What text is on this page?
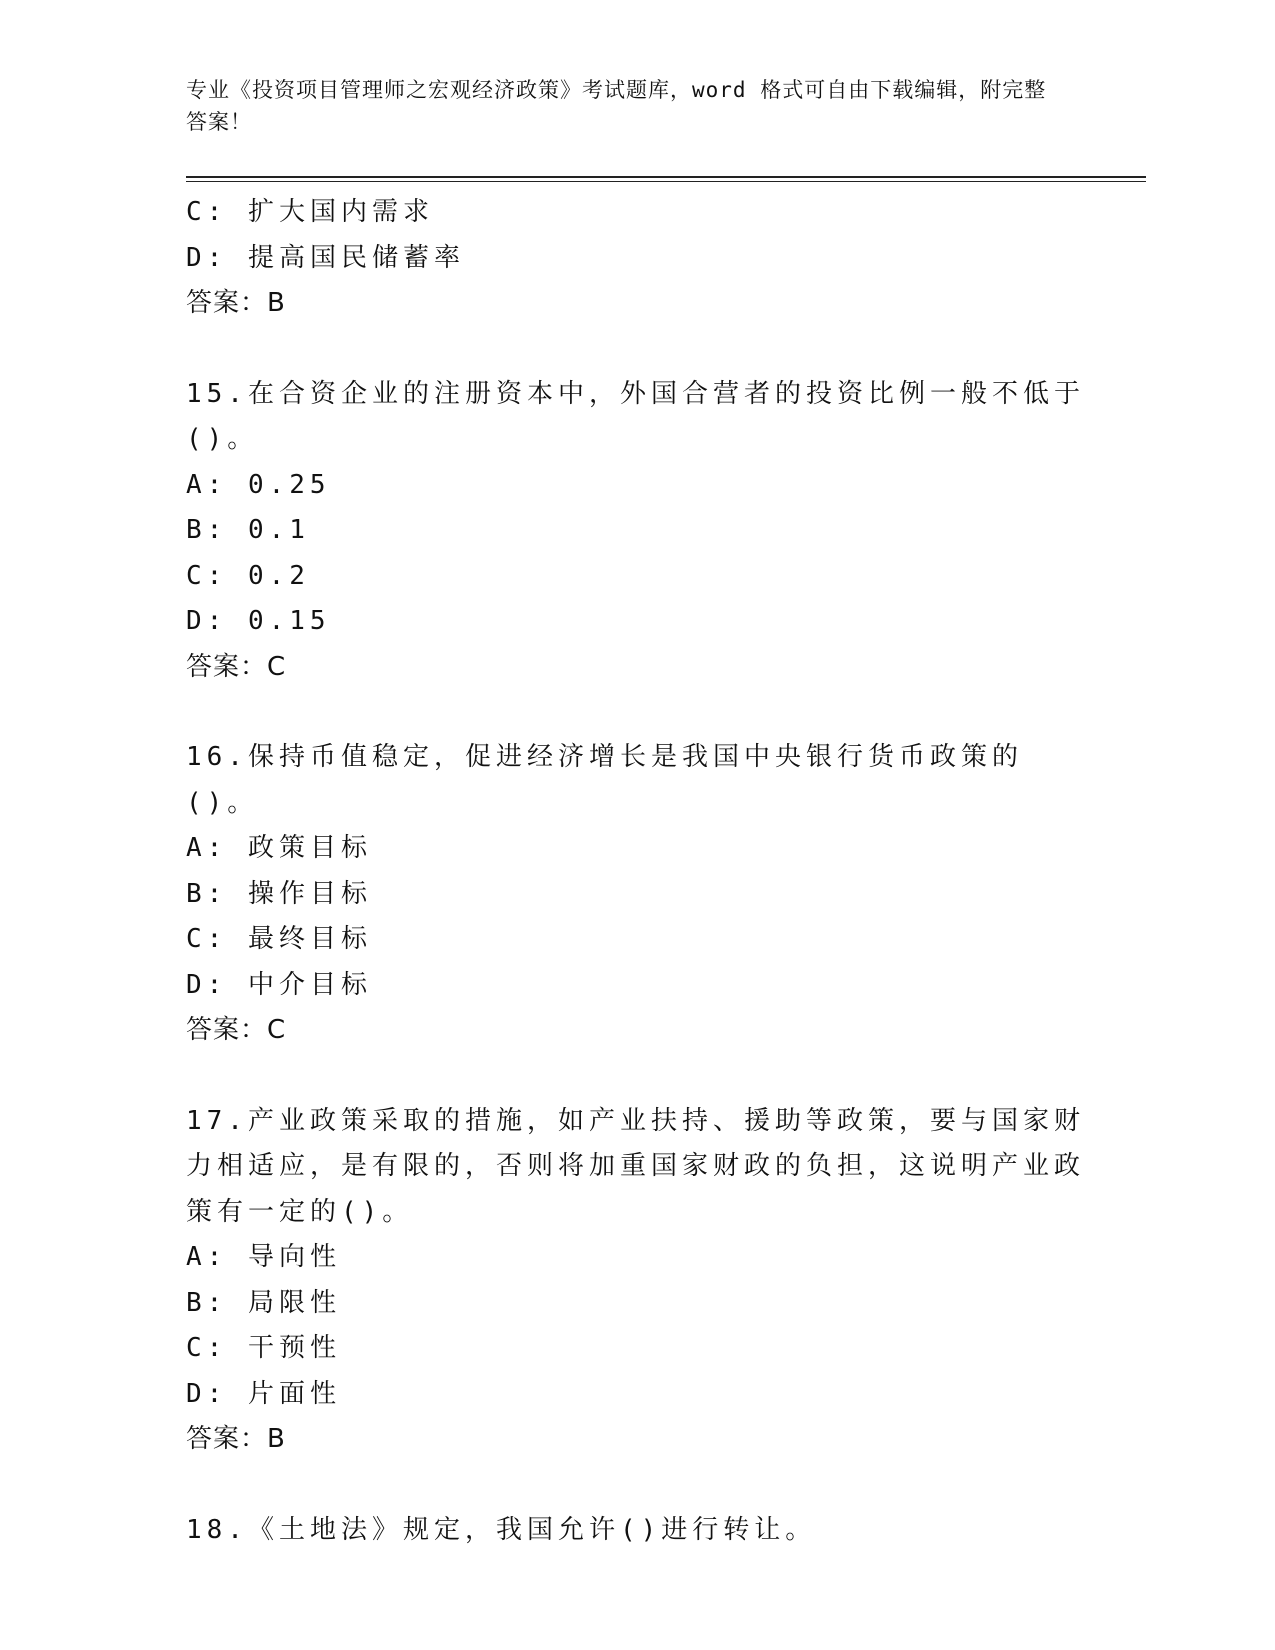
专业《投资项目管理师之宏观经济政策》考试题库，word 格式可自由下载编辑，附完整答案！
C: 扩大国内需求
D: 提高国民储蓄率
答案：B
15.在合资企业的注册资本中，外国合营者的投资比例一般不低于()。
A: 0.25
B: 0.1
C: 0.2
D: 0.15
答案：C
16.保持币值稳定，促进经济增长是我国中央银行货币政策的()。
A: 政策目标
B: 操作目标
C: 最终目标
D: 中介目标
答案：C
17.产业政策采取的措施，如产业扶持、援助等政策，要与国家财力相适应，是有限的，否则将加重国家财政的负担，这说明产业政策有一定的()。
A: 导向性
B: 局限性
C: 干预性
D: 片面性
答案：B
18.《土地法》规定，我国允许()进行转让。
